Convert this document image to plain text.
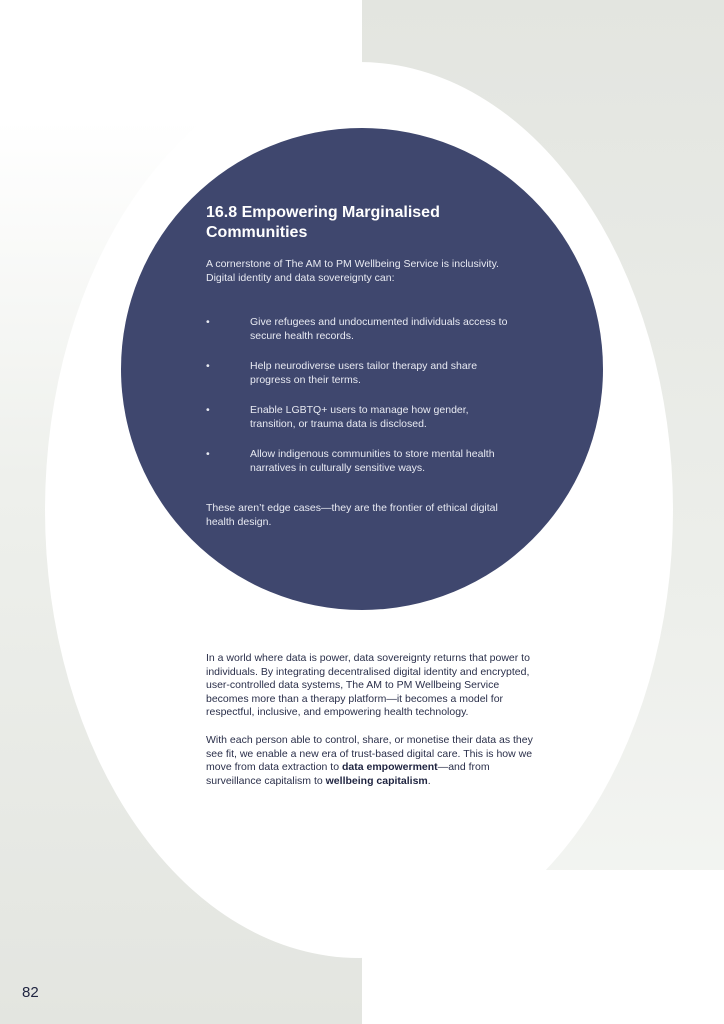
16.8 Empowering Marginalised Communities

A cornerstone of The AM to PM Wellbeing Service is inclusivity. Digital identity and data sovereignty can:

•	Give refugees and undocumented individuals access to secure health records.
•	Help neurodiverse users tailor therapy and share progress on their terms.
•	Enable LGBTQ+ users to manage how gender, transition, or trauma data is disclosed.
•	Allow indigenous communities to store mental health narratives in culturally sensitive ways.

These aren’t edge cases—they are the frontier of ethical digital health design.

In a world where data is power, data sovereignty returns that power to individuals. By integrating decentralised digital identity and encrypted, user-controlled data systems, The AM to PM Wellbeing Service becomes more than a therapy platform—it becomes a model for respectful, inclusive, and empowering health technology.

With each person able to control, share, or monetise their data as they see fit, we enable a new era of trust-based digital care. This is how we move from data extraction to data empowerment—and from surveillance capitalism to wellbeing capitalism.

82
